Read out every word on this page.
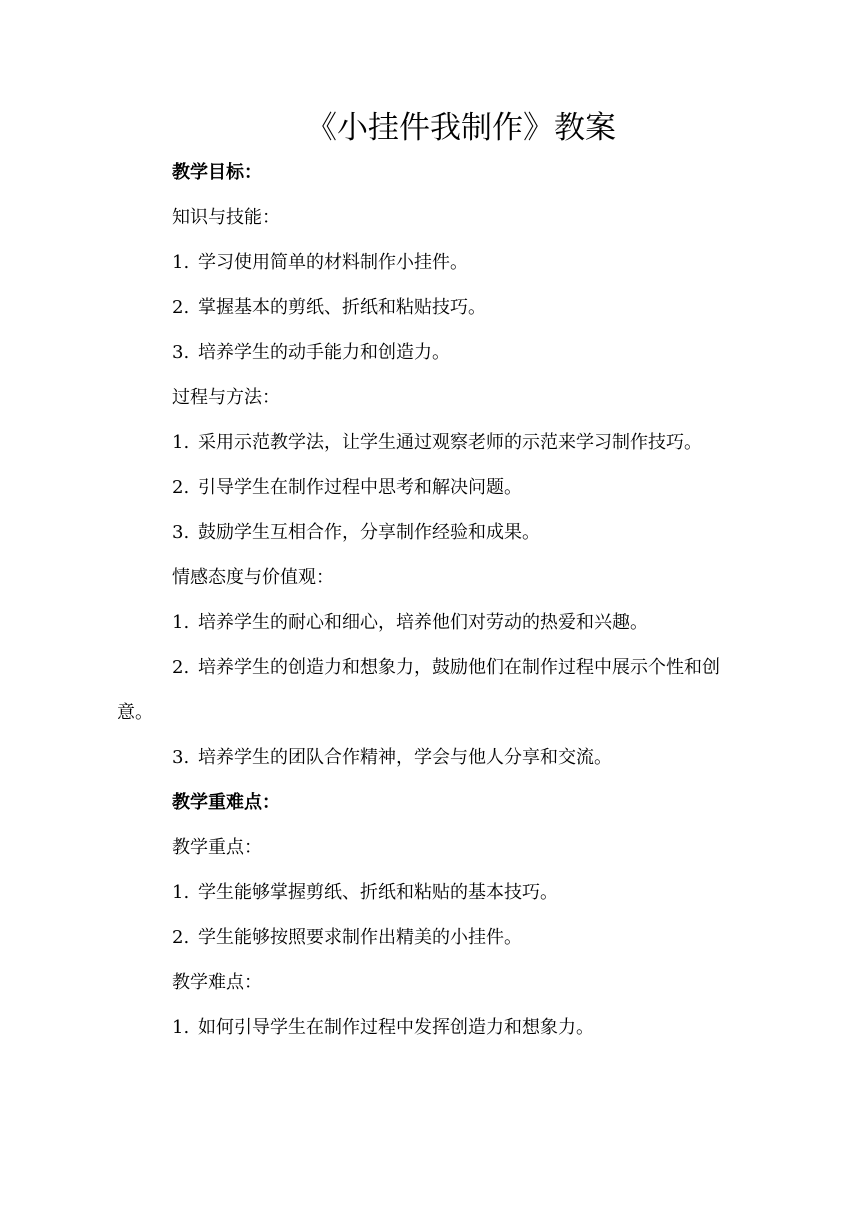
《小挂件我制作》教案

教学目标：

知识与技能：

1. 学习使用简单的材料制作小挂件。

2. 掌握基本的剪纸、折纸和粘贴技巧。

3. 培养学生的动手能力和创造力。

过程与方法：

1. 采用示范教学法，让学生通过观察老师的示范来学习制作技巧。

2. 引导学生在制作过程中思考和解决问题。

3. 鼓励学生互相合作，分享制作经验和成果。

情感态度与价值观：

1. 培养学生的耐心和细心，培养他们对劳动的热爱和兴趣。

2. 培养学生的创造力和想象力，鼓励他们在制作过程中展示个性和创意。

3. 培养学生的团队合作精神，学会与他人分享和交流。

教学重难点：

教学重点：

1. 学生能够掌握剪纸、折纸和粘贴的基本技巧。

2. 学生能够按照要求制作出精美的小挂件。

教学难点：

1. 如何引导学生在制作过程中发挥创造力和想象力。
